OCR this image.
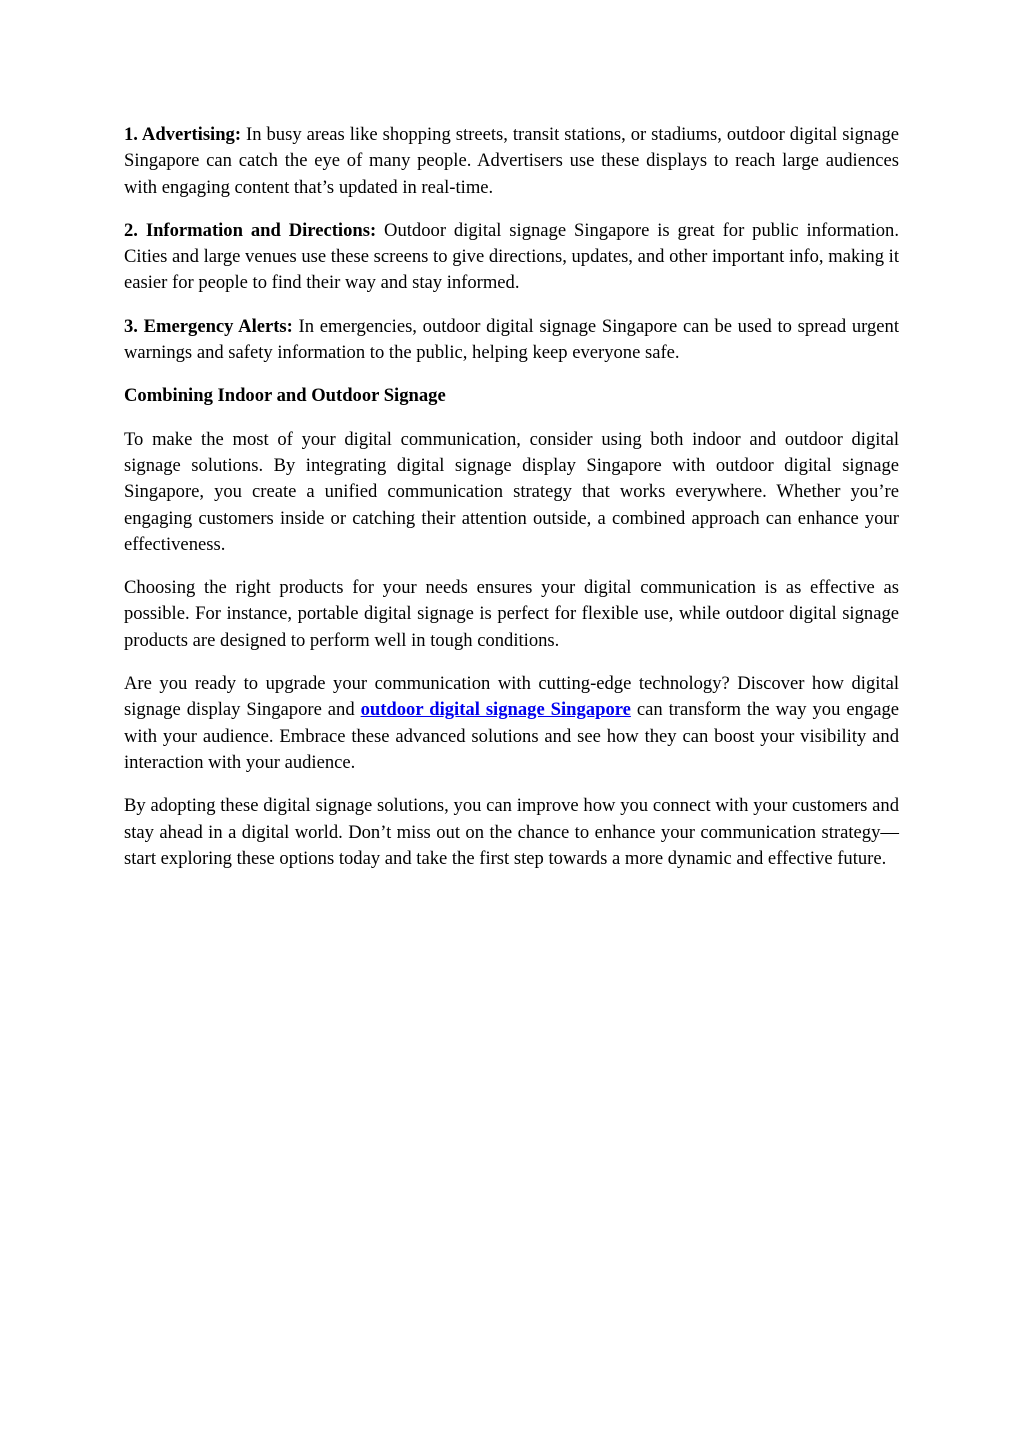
1. Advertising: In busy areas like shopping streets, transit stations, or stadiums, outdoor digital signage Singapore can catch the eye of many people. Advertisers use these displays to reach large audiences with engaging content that’s updated in real-time.

2. Information and Directions: Outdoor digital signage Singapore is great for public information. Cities and large venues use these screens to give directions, updates, and other important info, making it easier for people to find their way and stay informed.

3. Emergency Alerts: In emergencies, outdoor digital signage Singapore can be used to spread urgent warnings and safety information to the public, helping keep everyone safe.

Combining Indoor and Outdoor Signage

To make the most of your digital communication, consider using both indoor and outdoor digital signage solutions. By integrating digital signage display Singapore with outdoor digital signage Singapore, you create a unified communication strategy that works everywhere. Whether you’re engaging customers inside or catching their attention outside, a combined approach can enhance your effectiveness.

Choosing the right products for your needs ensures your digital communication is as effective as possible. For instance, portable digital signage is perfect for flexible use, while outdoor digital signage products are designed to perform well in tough conditions.

Are you ready to upgrade your communication with cutting-edge technology? Discover how digital signage display Singapore and outdoor digital signage Singapore can transform the way you engage with your audience. Embrace these advanced solutions and see how they can boost your visibility and interaction with your audience.

By adopting these digital signage solutions, you can improve how you connect with your customers and stay ahead in a digital world. Don’t miss out on the chance to enhance your communication strategy—start exploring these options today and take the first step towards a more dynamic and effective future.
